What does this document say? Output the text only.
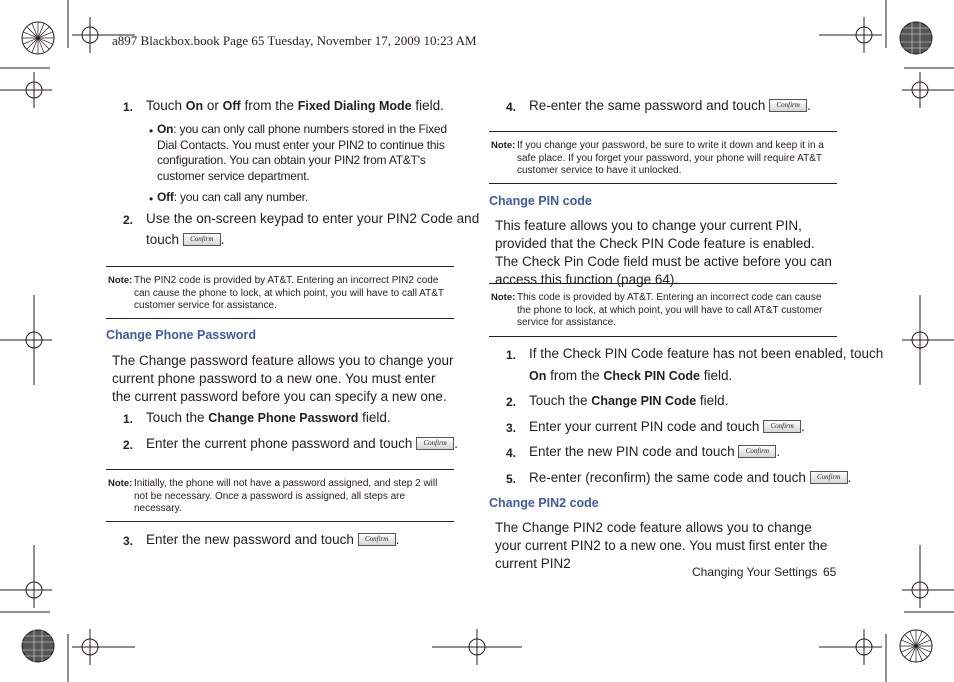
a897 Blackbox.book Page 65 Tuesday, November 17, 2009 10:23 AM
1. Touch On or Off from the Fixed Dialing Mode field.
• On: you can only call phone numbers stored in the Fixed Dial Contacts. You must enter your PIN2 to continue this configuration. You can obtain your PIN2 from AT&T's customer service department.
• Off: you can call any number.
2. Use the on-screen keypad to enter your PIN2 Code and
touch	Confirm .
Note: The PIN2 code is provided by AT&T. Entering an incorrect PIN2 code can cause the phone to lock, at which point, you will have to call AT&T customer service for assistance.
Change Phone Password
The Change password feature allows you to change your current phone password to a new one. You must enter the current password before you can specify a new one.
1. Touch the Change Phone Password field.
2. Enter the current phone password and touch	Confirm .
Note: Initially, the phone will not have a password assigned, and step 2 will not be necessary. Once a password is assigned, all steps are necessary.
3. Enter the new password and touch	Confirm .
4. Re-enter the same password and touch	Confirm .
Note: If you change your password, be sure to write it down and keep it in a safe place. If you forget your password, your phone will require AT&T customer service to have it unlocked.
Change PIN code
This feature allows you to change your current PIN, provided that the Check PIN Code feature is enabled. The Check Pin Code field must be active before you can access this function (page 64).
Note: This code is provided by AT&T. Entering an incorrect code can cause the phone to lock, at which point, you will have to call AT&T customer service for assistance.
1. If the Check PIN Code feature has not been enabled, touch
On from the Check PIN Code field.
2. Touch the Change PIN Code field.
3. Enter your current PIN code and touch	Confirm .
4. Enter the new PIN code and touch	Confirm .
5. Re-enter (reconfirm) the same code and touch	Confirm .
Change PIN2 code
The Change PIN2 code feature allows you to change your current PIN2 to a new one. You must first enter the current PIN2
Changing Your Settings 65
